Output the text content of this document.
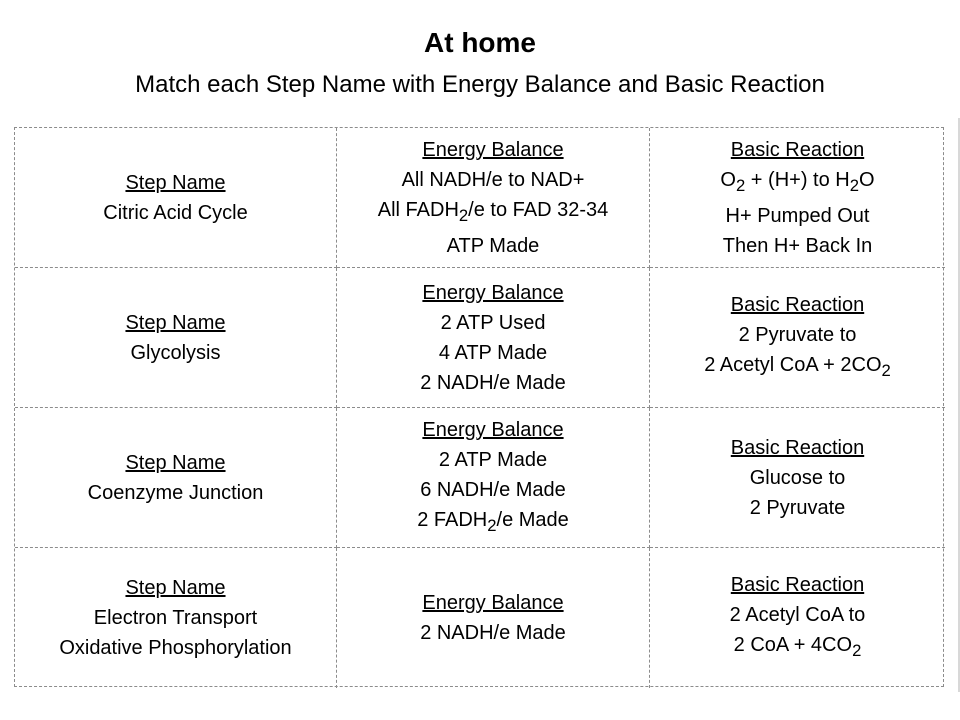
At home
Match each Step Name with Energy Balance and Basic Reaction
Step Name
Citric Acid Cycle
Energy Balance
All NADH/e to NAD+
All $FADH_2/e$ to FAD 32-34
ATP Made
Basic Reaction
$O_2 + (H+)$ to $H_2O$
H+ Pumped Out
Then H+ Back In
Step Name
Glycolysis
Energy Balance
2 ATP Used
4 ATP Made
2 NADH/e Made
Basic Reaction
2 Pyruvate to
2 Acetyl CoA + $2CO_2$
Step Name
Coenzyme Junction
Energy Balance
2 ATP Made
6 NADH/e Made
2 $FADH_2/e$ Made
Basic Reaction
Glucose to
2 Pyruvate
Step Name
Electron Transport
Oxidative Phosphorylation
Energy Balance
2 NADH/e Made
Basic Reaction
2 Acetyl CoA to
2 CoA + $4CO_2$
